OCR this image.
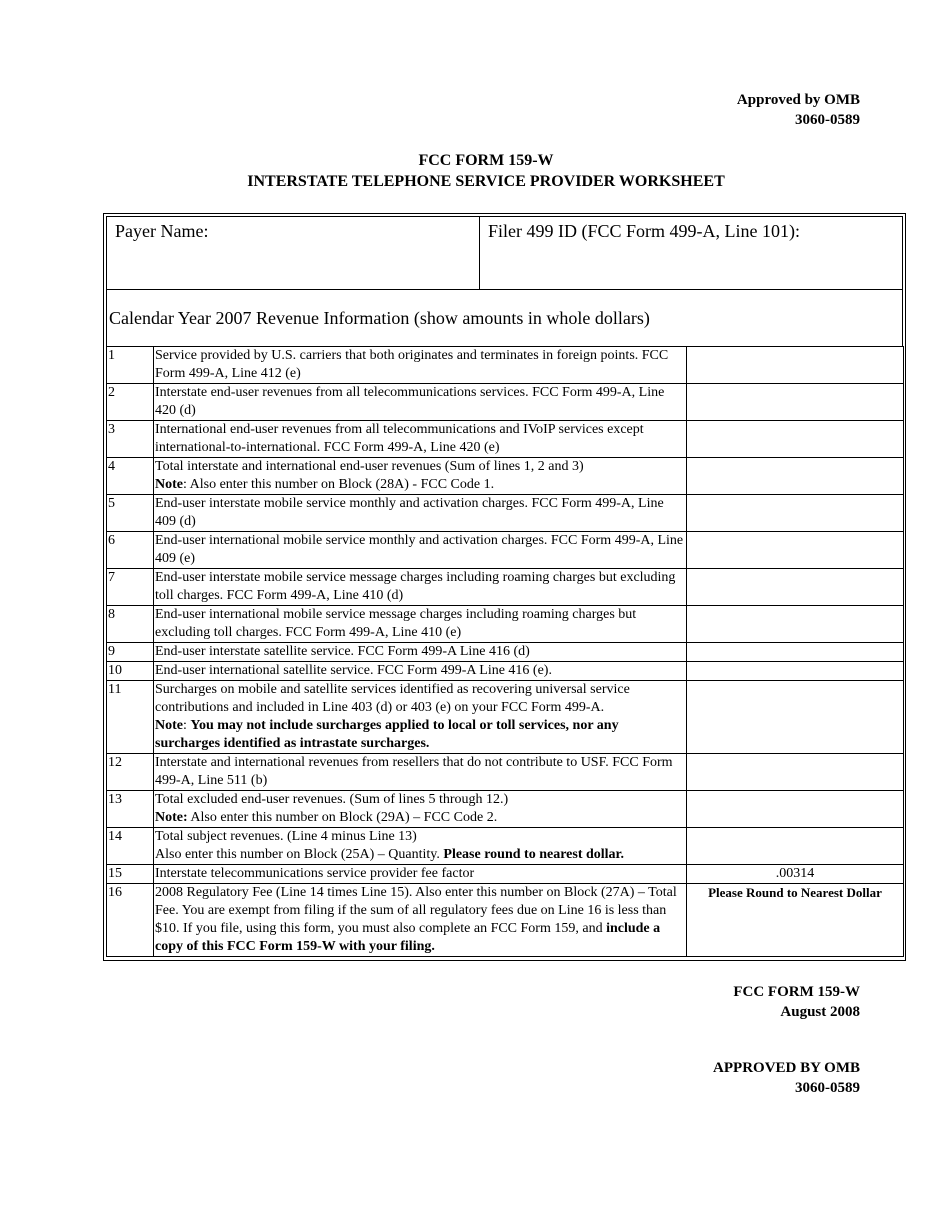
Approved by OMB
3060-0589
FCC FORM 159-W
INTERSTATE TELEPHONE SERVICE PROVIDER WORKSHEET
Payer Name:	Filer 499 ID (FCC Form 499-A, Line 101):
Calendar Year 2007 Revenue Information (show amounts in whole dollars)
1	Service provided by U.S. carriers that both originates and terminates in foreign points. FCC Form 499-A, Line 412 (e)	
2	Interstate end-user revenues from all telecommunications services. FCC Form 499-A, Line 420 (d)	
3	International end-user revenues from all telecommunications and IVoIP services except international-to-international. FCC Form 499-A, Line 420 (e)	
4	Total interstate and international end-user revenues (Sum of lines 1, 2 and 3)
Note: Also enter this number on Block (28A) - FCC Code 1.	
5	End-user interstate mobile service monthly and activation charges. FCC Form 499-A, Line 409 (d)	
6	End-user international mobile service monthly and activation charges. FCC Form 499-A, Line 409 (e)	
7	End-user interstate mobile service message charges including roaming charges but excluding toll charges. FCC Form 499-A, Line 410 (d)	
8	End-user international mobile service message charges including roaming charges but excluding toll charges. FCC Form 499-A, Line 410 (e)	
9	End-user interstate satellite service. FCC Form 499-A Line 416 (d)	
10	End-user international satellite service. FCC Form 499-A Line 416 (e).	
11	Surcharges on mobile and satellite services identified as recovering universal service contributions and included in Line 403 (d) or 403 (e) on your FCC Form 499-A.
Note: You may not include surcharges applied to local or toll services, nor any surcharges identified as intrastate surcharges.	
12	Interstate and international revenues from resellers that do not contribute to USF. FCC Form 499-A, Line 511 (b)	
13	Total excluded end-user revenues. (Sum of lines 5 through 12.)
Note: Also enter this number on Block (29A) – FCC Code 2.	
14	Total subject revenues. (Line 4 minus Line 13)
Also enter this number on Block (25A) – Quantity. Please round to nearest dollar.	
15	Interstate telecommunications service provider fee factor	.00314
16	2008 Regulatory Fee (Line 14 times Line 15). Also enter this number on Block (27A) – Total Fee. You are exempt from filing if the sum of all regulatory fees due on Line 16 is less than $10. If you file, using this form, you must also complete an FCC Form 159, and include a copy of this FCC Form 159-W with your filing.	Please Round to Nearest Dollar
FCC FORM 159-W
August 2008
APPROVED BY OMB
3060-0589
